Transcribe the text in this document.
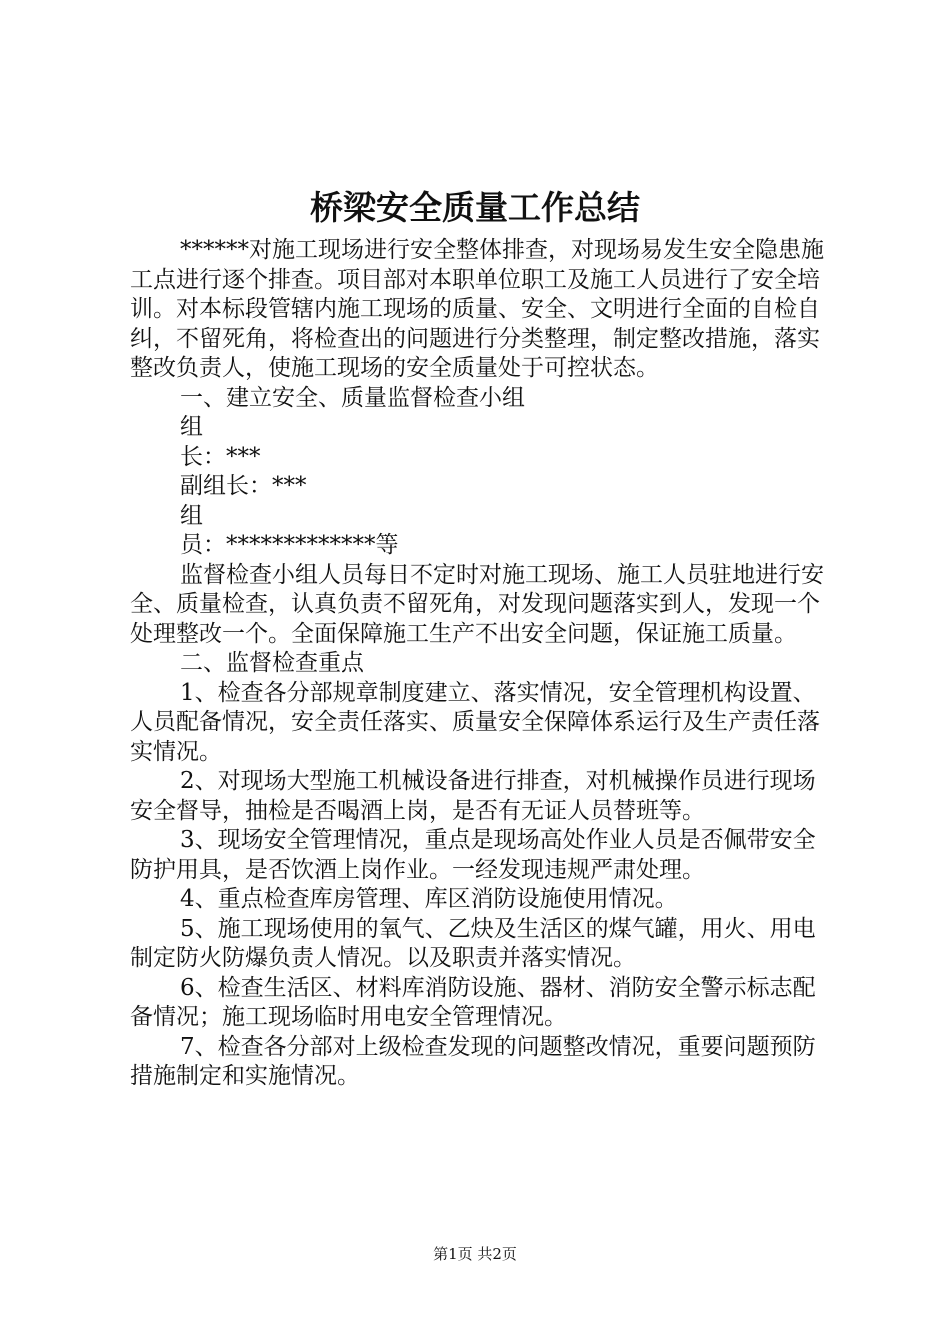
桥梁安全质量工作总结

******对施工现场进行安全整体排查，对现场易发生安全隐患施工点进行逐个排查。项目部对本职单位职工及施工人员进行了安全培训。对本标段管辖内施工现场的质量、安全、文明进行全面的自检自纠，不留死角，将检查出的问题进行分类整理，制定整改措施，落实整改负责人，使施工现场的安全质量处于可控状态。

一、建立安全、质量监督检查小组

组

长：***

副组长：***

组

员：*************等

监督检查小组人员每日不定时对施工现场、施工人员驻地进行安全、质量检查，认真负责不留死角，对发现问题落实到人，发现一个处理整改一个。全面保障施工生产不出安全问题，保证施工质量。

二、监督检查重点

1、检查各分部规章制度建立、落实情况，安全管理机构设置、人员配备情况，安全责任落实、质量安全保障体系运行及生产责任落实情况。

2、对现场大型施工机械设备进行排查，对机械操作员进行现场安全督导，抽检是否喝酒上岗，是否有无证人员替班等。

3、现场安全管理情况，重点是现场高处作业人员是否佩带安全防护用具，是否饮酒上岗作业。一经发现违规严肃处理。

4、重点检查库房管理、库区消防设施使用情况。

5、施工现场使用的氧气、乙炔及生活区的煤气罐，用火、用电制定防火防爆负责人情况。以及职责并落实情况。

6、检查生活区、材料库消防设施、器材、消防安全警示标志配备情况；施工现场临时用电安全管理情况。

7、检查各分部对上级检查发现的问题整改情况，重要问题预防措施制定和实施情况。

第1页 共2页
